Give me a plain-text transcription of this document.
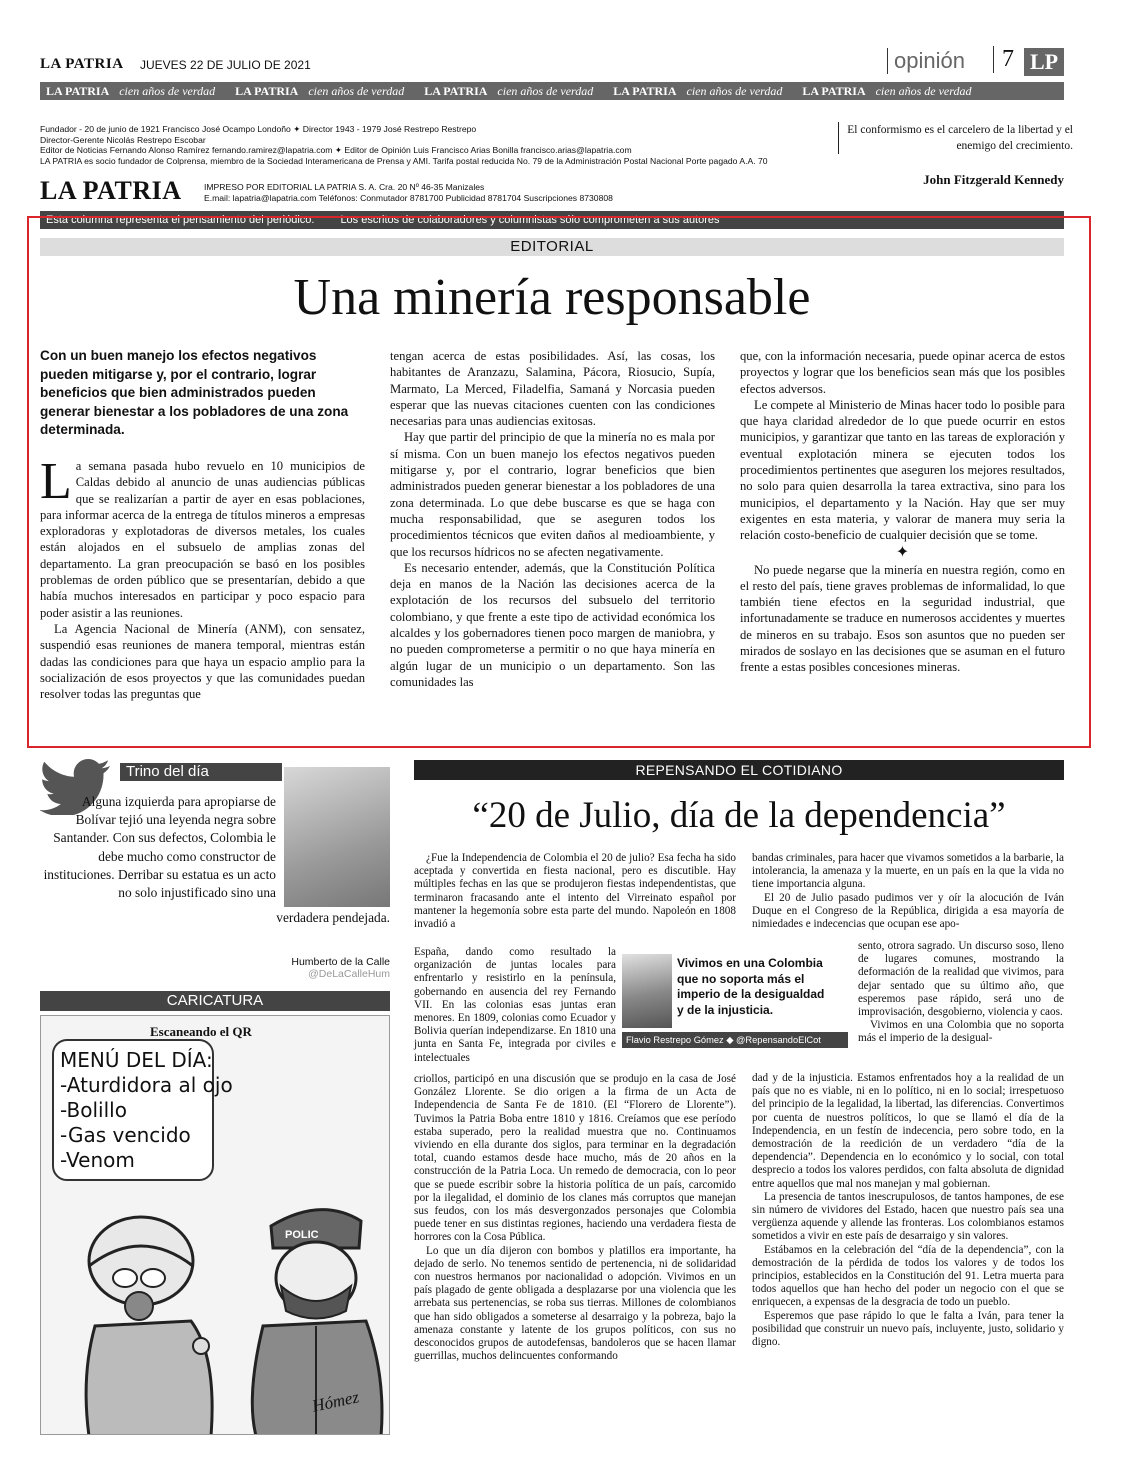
LA PATRIA JUEVES 22 DE JULIO DE 2021	opinión	7 LP
LA PATRIA cien años de verdad LA PATRIA cien años de verdad LA PATRIA cien años de verdad LA PATRIA cien años de verdad LA PATRIA cien años de verdad

Fundador - 20 de junio de 1921 Francisco José Ocampo Londoño ✦ Director 1943 - 1979 José Restrepo Restrepo

Director-Gerente Nicolás Restrepo Escobar

Editor de Noticias Fernando Alonso Ramírez fernando.ramirez@lapatria.com ✦ Editor de Opinión Luis Francisco Arias Bonilla francisco.arias@lapatria.com

LA PATRIA es socio fundador de Colprensa, miembro de la Sociedad Interamericana de Prensa y AMI. Tarifa postal reducida No. 79 de la Administración Postal Nacional Porte pagado A.A. 70

LA PATRIA	IMPRESO POR EDITORIAL LA PATRIA S. A. Cra. 20 Nº 46-35 Manizales
E.mail: lapatria@lapatria.com Teléfonos: Conmutador 8781700 Publicidad 8781704 Suscripciones 8730808
El conformismo es el carcelero de la libertad y el enemigo del crecimiento.
John Fitzgerald Kennedy
Esta columna representa el pensamiento del periódico. Los escritos de colaboradores y columnistas sólo comprometen a sus autores
EDITORIAL
Una minería responsable
Con un buen manejo los efectos negativos pueden mitigarse y, por el contrario, lograr beneficios que bien administrados pueden generar bienestar a los pobladores de una zona determinada.

La semana pasada hubo revuelo en 10 municipios de Caldas debido al anuncio de unas audiencias públicas que se realizarían a partir de ayer en esas poblaciones, para informar acerca de la entrega de títulos mineros a empresas exploradoras y explotadoras de diversos metales, los cuales están alojados en el subsuelo de amplias zonas del departamento. La gran preocupación se basó en los posibles problemas de orden público que se presentarían, debido a que había muchos interesados en participar y poco espacio para poder asistir a las reuniones.

La Agencia Nacional de Minería (ANM), con sensatez, suspendió esas reuniones de manera temporal, mientras están dadas las condiciones para que haya un espacio amplio para la socialización de esos proyectos y que las comunidades puedan resolver todas las preguntas que

tengan acerca de estas posibilidades. Así, las cosas, los habitantes de Aranzazu, Salamina, Pácora, Riosucio, Supía, Marmato, La Merced, Filadelfia, Samaná y Norcasia pueden esperar que las nuevas citaciones cuenten con las condiciones necesarias para unas audiencias exitosas.

Hay que partir del principio de que la minería no es mala por sí misma. Con un buen manejo los efectos negativos pueden mitigarse y, por el contrario, lograr beneficios que bien administrados pueden generar bienestar a los pobladores de una zona determinada. Lo que debe buscarse es que se haga con mucha responsabilidad, que se aseguren todos los procedimientos técnicos que eviten daños al medioambiente, y que los recursos hídricos no se afecten negativamente.

Es necesario entender, además, que la Constitución Política deja en manos de la Nación las decisiones acerca de la explotación de los recursos del subsuelo del territorio colombiano, y que frente a este tipo de actividad económica los alcaldes y los gobernadores tienen poco margen de maniobra, y no pueden comprometerse a permitir o no que haya minería en algún lugar de un municipio o un departamento. Son las comunidades las

que, con la información necesaria, puede opinar acerca de estos proyectos y lograr que los beneficios sean más que los posibles efectos adversos.

Le compete al Ministerio de Minas hacer todo lo posible para que haya claridad alrededor de lo que puede ocurrir en estos municipios, y garantizar que tanto en las tareas de exploración y eventual explotación minera se ejecuten todos los procedimientos pertinentes que aseguren los mejores resultados, no solo para quien desarrolla la tarea extractiva, sino para los municipios, el departamento y la Nación. Hay que ser muy exigentes en esta materia, y valorar de manera muy seria la relación costo-beneficio de cualquier decisión que se tome.

✦

No puede negarse que la minería en nuestra región, como en el resto del país, tiene graves problemas de informalidad, lo que también tiene efectos en la seguridad industrial, que infortunadamente se traduce en numerosos accidentes y muertes de mineros en su trabajo. Esos son asuntos que no pueden ser mirados de soslayo en las decisiones que se asuman en el futuro frente a estas posibles concesiones mineras.

Trino del día
Alguna izquierda para apropiarse de Bolívar tejió una leyenda negra sobre Santander. Con sus defectos, Colombia le debe mucho como constructor de instituciones. Derribar su estatua es un acto no solo injustificado sino una
verdadera pendejada.
Humberto de la Calle @DeLaCalleHum
CARICATURA
POLIC
Escaneando el QR
MENÚ DEL DÍA:
-Aturdidora al ojo
-Bolillo
-Gas vencido
-Venom
Hómez
REPENSANDO EL COTIDIANO
“20 de Julio, día de la dependencia”

¿Fue la Independencia de Colombia el 20 de julio? Esa fecha ha sido aceptada y convertida en fiesta nacional, pero es discutible. Hay múltiples fechas en las que se produjeron fiestas independentistas, que terminaron fracasando ante el intento del Virreinato español por mantener la hegemonía sobre esta parte del mundo. Napoleón en 1808 invadió a

España, dando como resultado la organización de juntas locales para enfrentarlo y resistirlo en la península, gobernando en ausencia del rey Fernando VII. En las colonias esas juntas eran menores. En 1809, colonias como Ecuador y Bolivia querían independizarse. En 1810 una junta en Santa Fe, integrada por civiles e intelectuales

criollos, participó en una discusión que se produjo en la casa de José González Llorente. Se dio origen a la firma de un Acta de Independencia de Santa Fe de 1810. (El “Florero de Llorente”). Tuvimos la Patria Boba entre 1810 y 1816. Creíamos que ese período estaba superado, pero la realidad muestra que no. Continuamos viviendo en ella durante dos siglos, para terminar en la degradación total, cuando estamos desde hace mucho, más de 20 años en la construcción de la Patria Loca. Un remedo de democracia, con lo peor que se puede escribir sobre la historia política de un país, carcomido por la ilegalidad, el dominio de los clanes más corruptos que manejan sus feudos, con los más desvergonzados personajes que Colombia puede tener en sus distintas regiones, haciendo una verdadera fiesta de horrores con la Cosa Pública.

Lo que un día dijeron con bombos y platillos era importante, ha dejado de serlo. No tenemos sentido de pertenencia, ni de solidaridad con nuestros hermanos por nacionalidad o adopción. Vivimos en un país plagado de gente obligada a desplazarse por una violencia que les arrebata sus pertenencias, se roba sus tierras. Millones de colombianos que han sido obligados a someterse al desarraigo y la pobreza, bajo la amenaza constante y latente de los grupos políticos, con sus no desconocidos grupos de autodefensas, bandoleros que se hacen llamar guerrillas, muchos delincuentes conformando

bandas criminales, para hacer que vivamos sometidos a la barbarie, la intolerancia, la amenaza y la muerte, en un país en la que la vida no tiene importancia alguna.

El 20 de Julio pasado pudimos ver y oír la alocución de Iván Duque en el Congreso de la República, dirigida a esa mayoría de nimiedades e indecencias que ocupan ese apo-

sento, otrora sagrado. Un discurso soso, lleno de lugares comunes, mostrando la deformación de la realidad que vivimos, para dejar sentado que su último año, que esperemos pase rápido, será uno de improvisación, desgobierno, violencia y caos.

Vivimos en una Colombia que no soporta más el imperio de la desigual-

dad y de la injusticia. Estamos enfrentados hoy a la realidad de un país que no es viable, ni en lo político, ni en lo social; irrespetuoso del principio de la legalidad, la libertad, las diferencias. Convertimos por cuenta de nuestros políticos, lo que se llamó el día de la Independencia, en un festín de indecencia, pero sobre todo, en la demostración de la reedición de un verdadero “día de la dependencia”. Dependencia en lo económico y lo social, con total desprecio a todos los valores perdidos, con falta absoluta de dignidad entre aquellos que mal nos manejan y mal gobiernan.

La presencia de tantos inescrupulosos, de tantos hampones, de ese sin número de vividores del Estado, hacen que nuestro país sea una vergüenza aquende y allende las fronteras. Los colombianos estamos sometidos a vivir en este país de desarraigo y sin valores.

Estábamos en la celebración del “día de la dependencia”, con la demostración de la pérdida de todos los valores y de todos los principios, establecidos en la Constitución del 91. Letra muerta para todos aquellos que han hecho del poder un negocio con el que se enriquecen, a expensas de la desgracia de todo un pueblo.

Esperemos que pase rápido lo que le falta a Iván, para tener la posibilidad que construir un nuevo país, incluyente, justo, solidario y digno.

Vivimos en una Colombia que no soporta más el imperio de la desigualdad y de la injusticia.
Flavio Restrepo Gómez ◆ @RepensandoElCot
